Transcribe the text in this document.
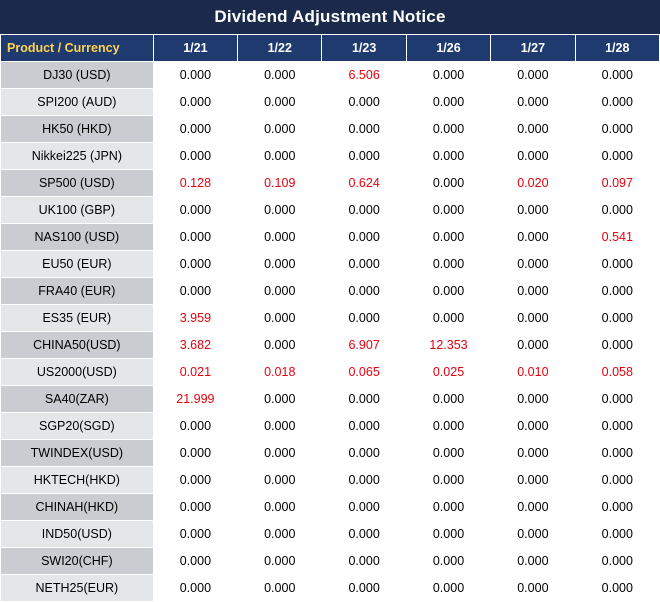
Dividend Adjustment Notice
Product / Currency	1/21	1/22	1/23	1/26	1/27	1/28
DJ30 (USD)	0.000	0.000	6.506	0.000	0.000	0.000
SPI200 (AUD)	0.000	0.000	0.000	0.000	0.000	0.000
HK50 (HKD)	0.000	0.000	0.000	0.000	0.000	0.000
Nikkei225 (JPN)	0.000	0.000	0.000	0.000	0.000	0.000
SP500 (USD)	0.128	0.109	0.624	0.000	0.020	0.097
UK100 (GBP)	0.000	0.000	0.000	0.000	0.000	0.000
NAS100 (USD)	0.000	0.000	0.000	0.000	0.000	0.541
EU50 (EUR)	0.000	0.000	0.000	0.000	0.000	0.000
FRA40 (EUR)	0.000	0.000	0.000	0.000	0.000	0.000
ES35 (EUR)	3.959	0.000	0.000	0.000	0.000	0.000
CHINA50(USD)	3.682	0.000	6.907	12.353	0.000	0.000
US2000(USD)	0.021	0.018	0.065	0.025	0.010	0.058
SA40(ZAR)	21.999	0.000	0.000	0.000	0.000	0.000
SGP20(SGD)	0.000	0.000	0.000	0.000	0.000	0.000
TWINDEX(USD)	0.000	0.000	0.000	0.000	0.000	0.000
HKTECH(HKD)	0.000	0.000	0.000	0.000	0.000	0.000
CHINAH(HKD)	0.000	0.000	0.000	0.000	0.000	0.000
IND50(USD)	0.000	0.000	0.000	0.000	0.000	0.000
SWI20(CHF)	0.000	0.000	0.000	0.000	0.000	0.000
NETH25(EUR)	0.000	0.000	0.000	0.000	0.000	0.000
